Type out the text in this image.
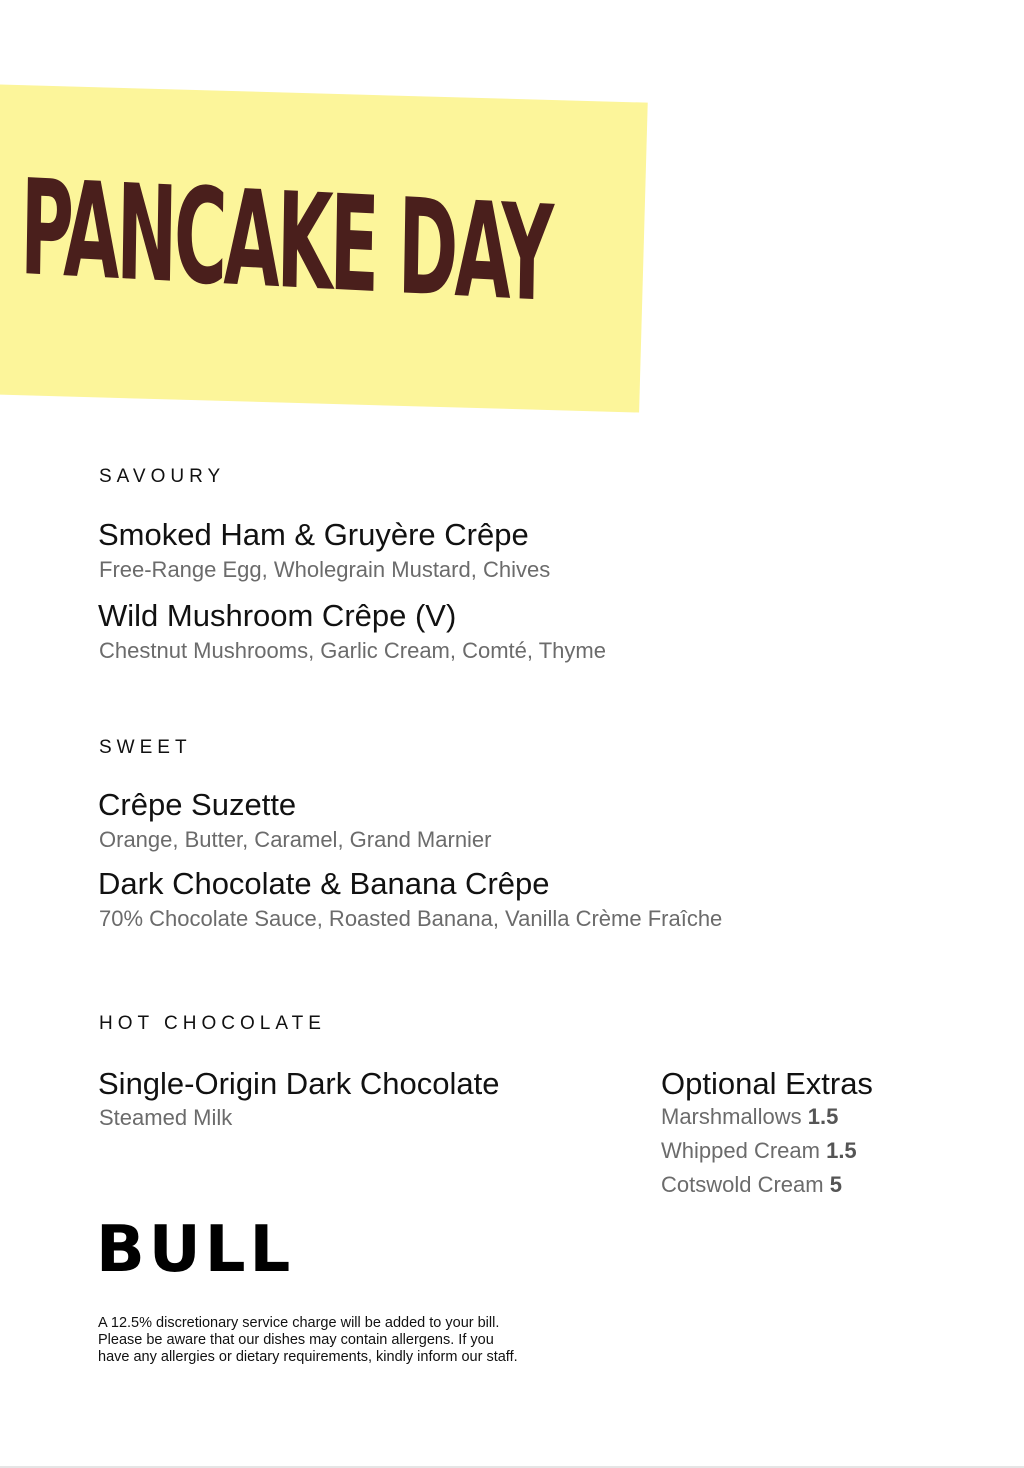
PANCAKE DAY
SAVOURY

Smoked Ham & Gruyère Crêpe

Free-Range Egg, Wholegrain Mustard, Chives

Wild Mushroom Crêpe (V)

Chestnut Mushrooms, Garlic Cream, Comté, Thyme

SWEET

Crêpe Suzette

Orange, Butter, Caramel, Grand Marnier

Dark Chocolate & Banana Crêpe

70% Chocolate Sauce, Roasted Banana, Vanilla Crème Fraîche

HOT CHOCOLATE

Single-Origin Dark Chocolate

Steamed Milk

Optional Extras

Marshmallows 1.5

Whipped Cream 1.5

Cotswold Cream 5

BULL

A 12.5% discretionary service charge will be added to your bill.
Please be aware that our dishes may contain allergens. If you
have any allergies or dietary requirements, kindly inform our staff.
